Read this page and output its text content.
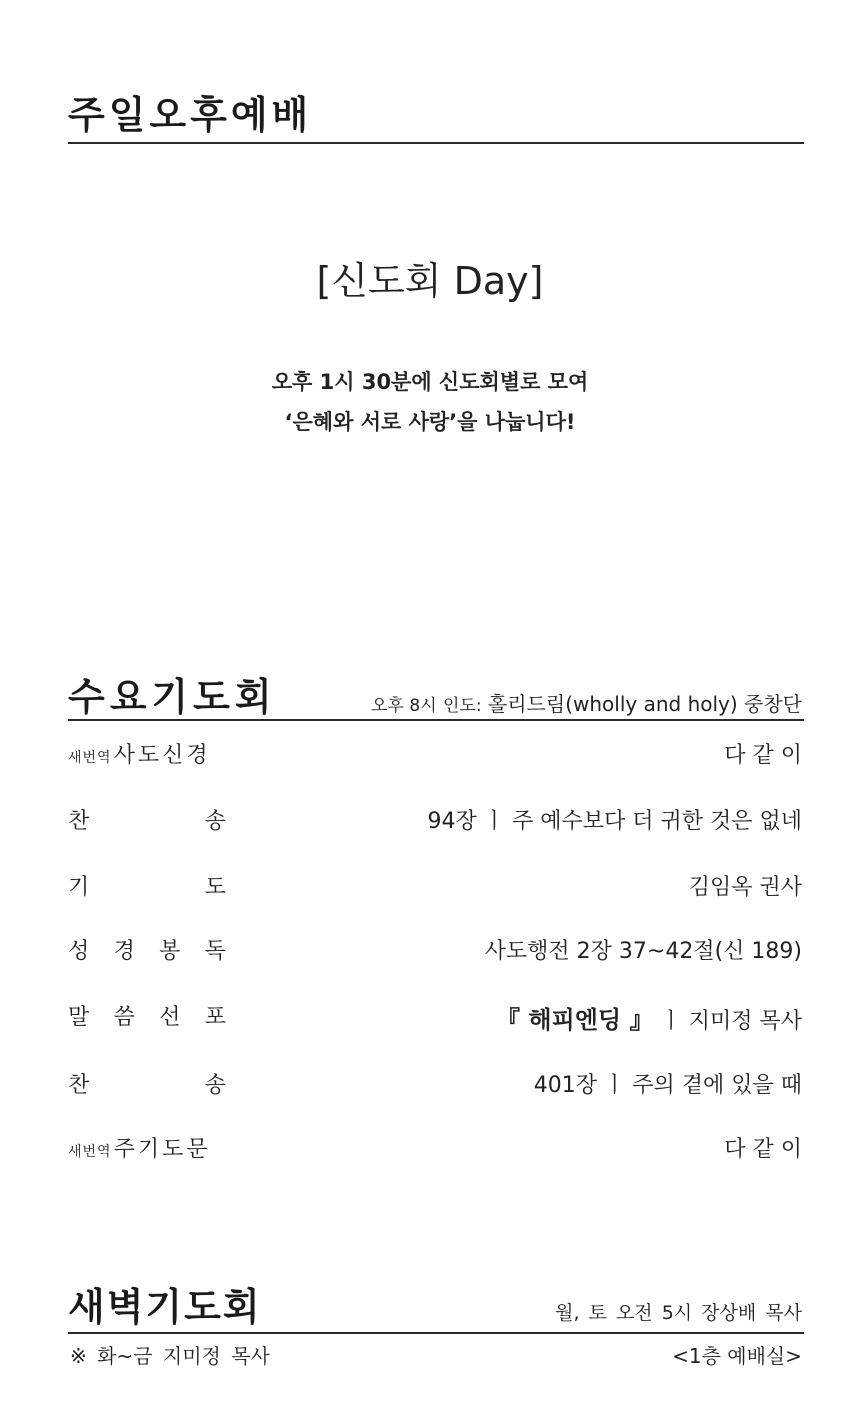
주일오후예배
[신도회 Day]
오후 1시 30분에 신도회별로 모여
‘은혜와 서로 사랑’을 나눕니다!
수요기도회	오후 8시 인도: 홀리드림(wholly and holy) 중창단
새번역 사도신경	다 같 이
찬	송	94장 ㅣ 주 예수보다 더 귀한 것은 없네
기	도	김임옥 권사
성 경 봉 독	사도행전 2장 37~42절(신 189)
말 씀 선 포	『 해피엔딩 』 ㅣ 지미정 목사
찬	송	401장 ㅣ 주의 곁에 있을 때
새번역 주기도문	다 같 이
새벽기도회	월, 토 오전 5시 장상배 목사
※ 화~금 지미정 목사	<1층 예배실>
